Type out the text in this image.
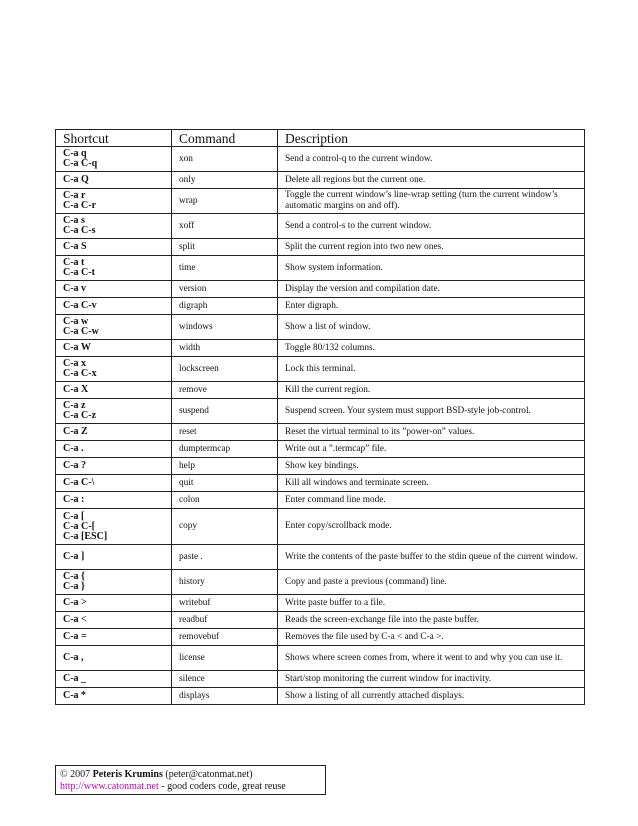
Shortcut	Command	Description

C-a q
C-a C-q	xon	Send a control-q to the current window.

C-a Q	only	Delete all regions but the current one.

C-a r
C-a C-r	wrap	Toggle the current window’s line-wrap setting (turn the current window’s automatic margins on and off).

C-a s
C-a C-s	xoff	Send a control-s to the current window.

C-a S	split	Split the current region into two new ones.

C-a t
C-a C-t	time	Show system information.

C-a v	version	Display the version and compilation date.

C-a C-v	digraph	Enter digraph.

C-a w
C-a C-w	windows	Show a list of window.

C-a W	width	Toggle 80/132 columns.

C-a x
C-a C-x	lockscreen	Lock this terminal.

C-a X	remove	Kill the current region.

C-a z
C-a C-z	suspend	Suspend screen. Your system must support BSD-style job-control.

C-a Z	reset	Reset the virtual terminal to its ”power-on” values.

C-a .	dumptermcap	Write out a ”.termcap” file.

C-a ?	help	Show key bindings.

C-a C-\	quit	Kill all windows and terminate screen.

C-a :	colon	Enter command line mode.

C-a [
C-a C-[
C-a [ESC]	copy	Enter copy/scrollback mode.

C-a ]	paste .	Write the contents of the paste buffer to the stdin queue of the current window.

C-a {
C-a }	history	Copy and paste a previous (command) line.

C-a >	writebuf	Write paste buffer to a file.

C-a <	readbuf	Reads the screen-exchange file into the paste buffer.

C-a =	removebuf	Removes the file used by C-a < and C-a >.

C-a ,	license	Shows where screen comes from, where it went to and why you can use it.

C-a _	silence	Start/stop monitoring the current window for inactivity.

C-a *	displays	Show a listing of all currently attached displays.
© 2007 Peteris Krumins (peter@catonmat.net)
http://www.catonmat.net - good coders code, great reuse
